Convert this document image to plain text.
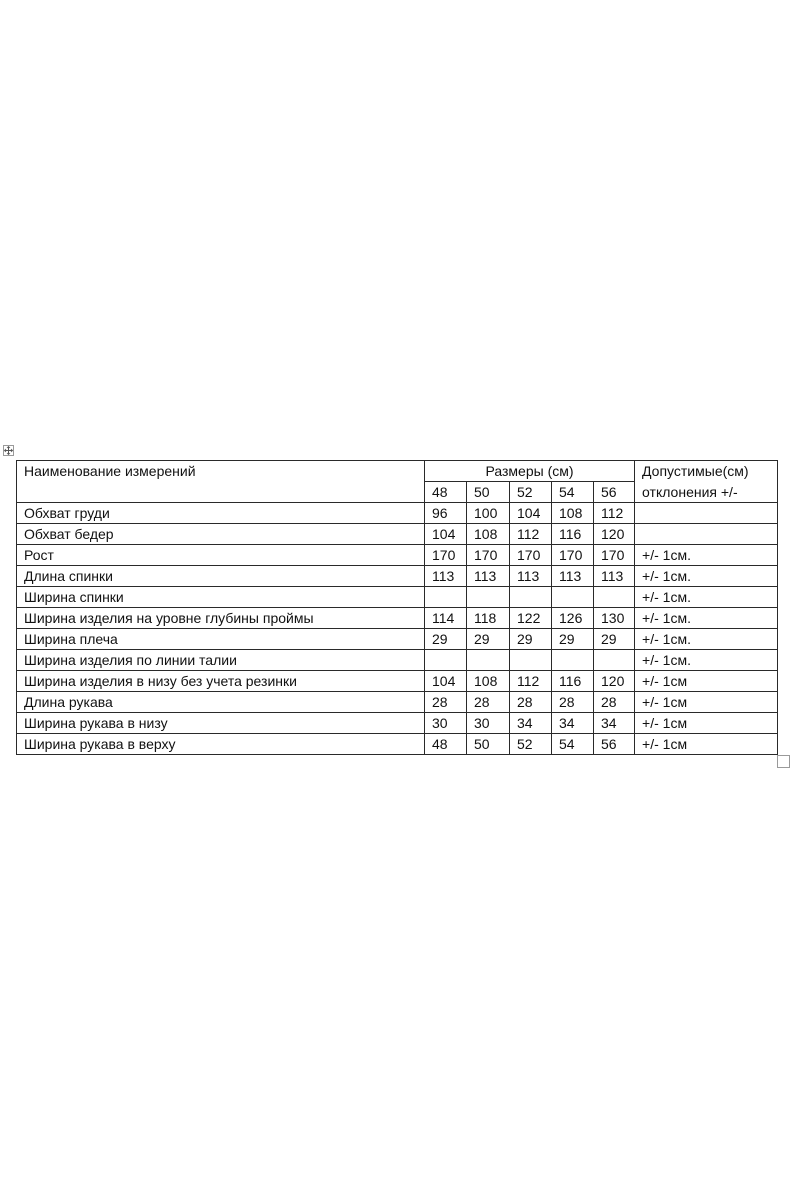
Наименование измерений	Размеры (см)					Допустимые(см)
	48	50	52	54	56	отклонения +/-
Обхват груди	96	100	104	108	112	
Обхват бедер	104	108	112	116	120	
Рост	170	170	170	170	170	+/- 1см.
Длина спинки	113	113	113	113	113	+/- 1см.
Ширина спинки						+/- 1см.
Ширина изделия на уровне глубины проймы	114	118	122	126	130	+/- 1см.
Ширина плеча	29	29	29	29	29	+/- 1см.
Ширина изделия по линии талии						+/- 1см.
Ширина изделия в низу без учета резинки	104	108	112	116	120	+/- 1см
Длина рукава	28	28	28	28	28	+/- 1см
Ширина рукава в низу	30	30	34	34	34	+/- 1см
Ширина рукава в верху	48	50	52	54	56	+/- 1см
